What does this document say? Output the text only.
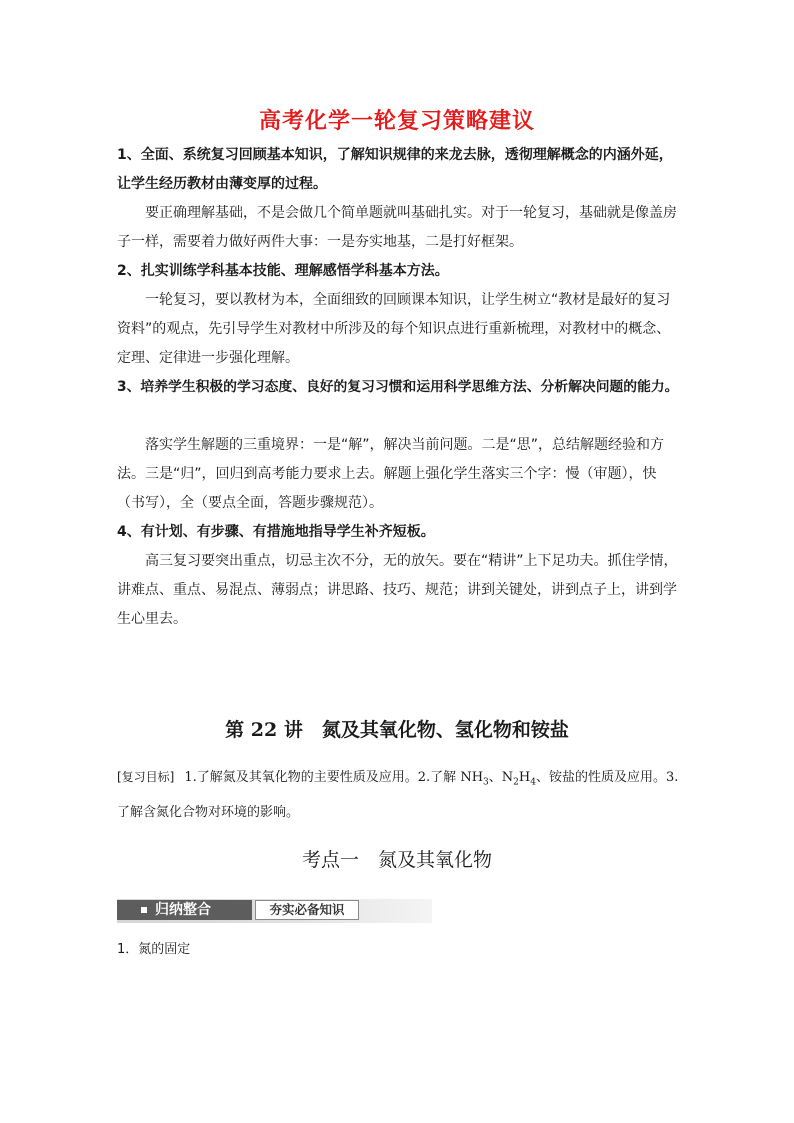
高考化学一轮复习策略建议

1、全面、系统复习回顾基本知识，了解知识规律的来龙去脉，透彻理解概念的内涵外延，让学生经历教材由薄变厚的过程。

要正确理解基础，不是会做几个简单题就叫基础扎实。对于一轮复习，基础就是像盖房子一样，需要着力做好两件大事：一是夯实地基，二是打好框架。

2、扎实训练学科基本技能、理解感悟学科基本方法。

一轮复习，要以教材为本，全面细致的回顾课本知识，让学生树立“教材是最好的复习资料”的观点，先引导学生对教材中所涉及的每个知识点进行重新梳理，对教材中的概念、定理、定律进一步强化理解。

3、培养学生积极的学习态度、良好的复习习惯和运用科学思维方法、分析解决问题的能力。

落实学生解题的三重境界：一是“解”，解决当前问题。二是“思”，总结解题经验和方法。三是“归”，回归到高考能力要求上去。解题上强化学生落实三个字：慢（审题），快（书写），全（要点全面，答题步骤规范）。

4、有计划、有步骤、有措施地指导学生补齐短板。

高三复习要突出重点，切忌主次不分，无的放矢。要在“精讲”上下足功夫。抓住学情，讲难点、重点、易混点、薄弱点；讲思路、技巧、规范；讲到关键处，讲到点子上，讲到学生心里去。

第 22 讲　氮及其氧化物、氢化物和铵盐
[复习目标] 1.了解氮及其氧化物的主要性质及应用。2.了解 $NH_3$、$N_2H_4$、铵盐的性质及应用。3.了解含氮化合物对环境的影响。
考点一　氮及其氧化物
归纳整合	夯实必备知识
1．氮的固定
